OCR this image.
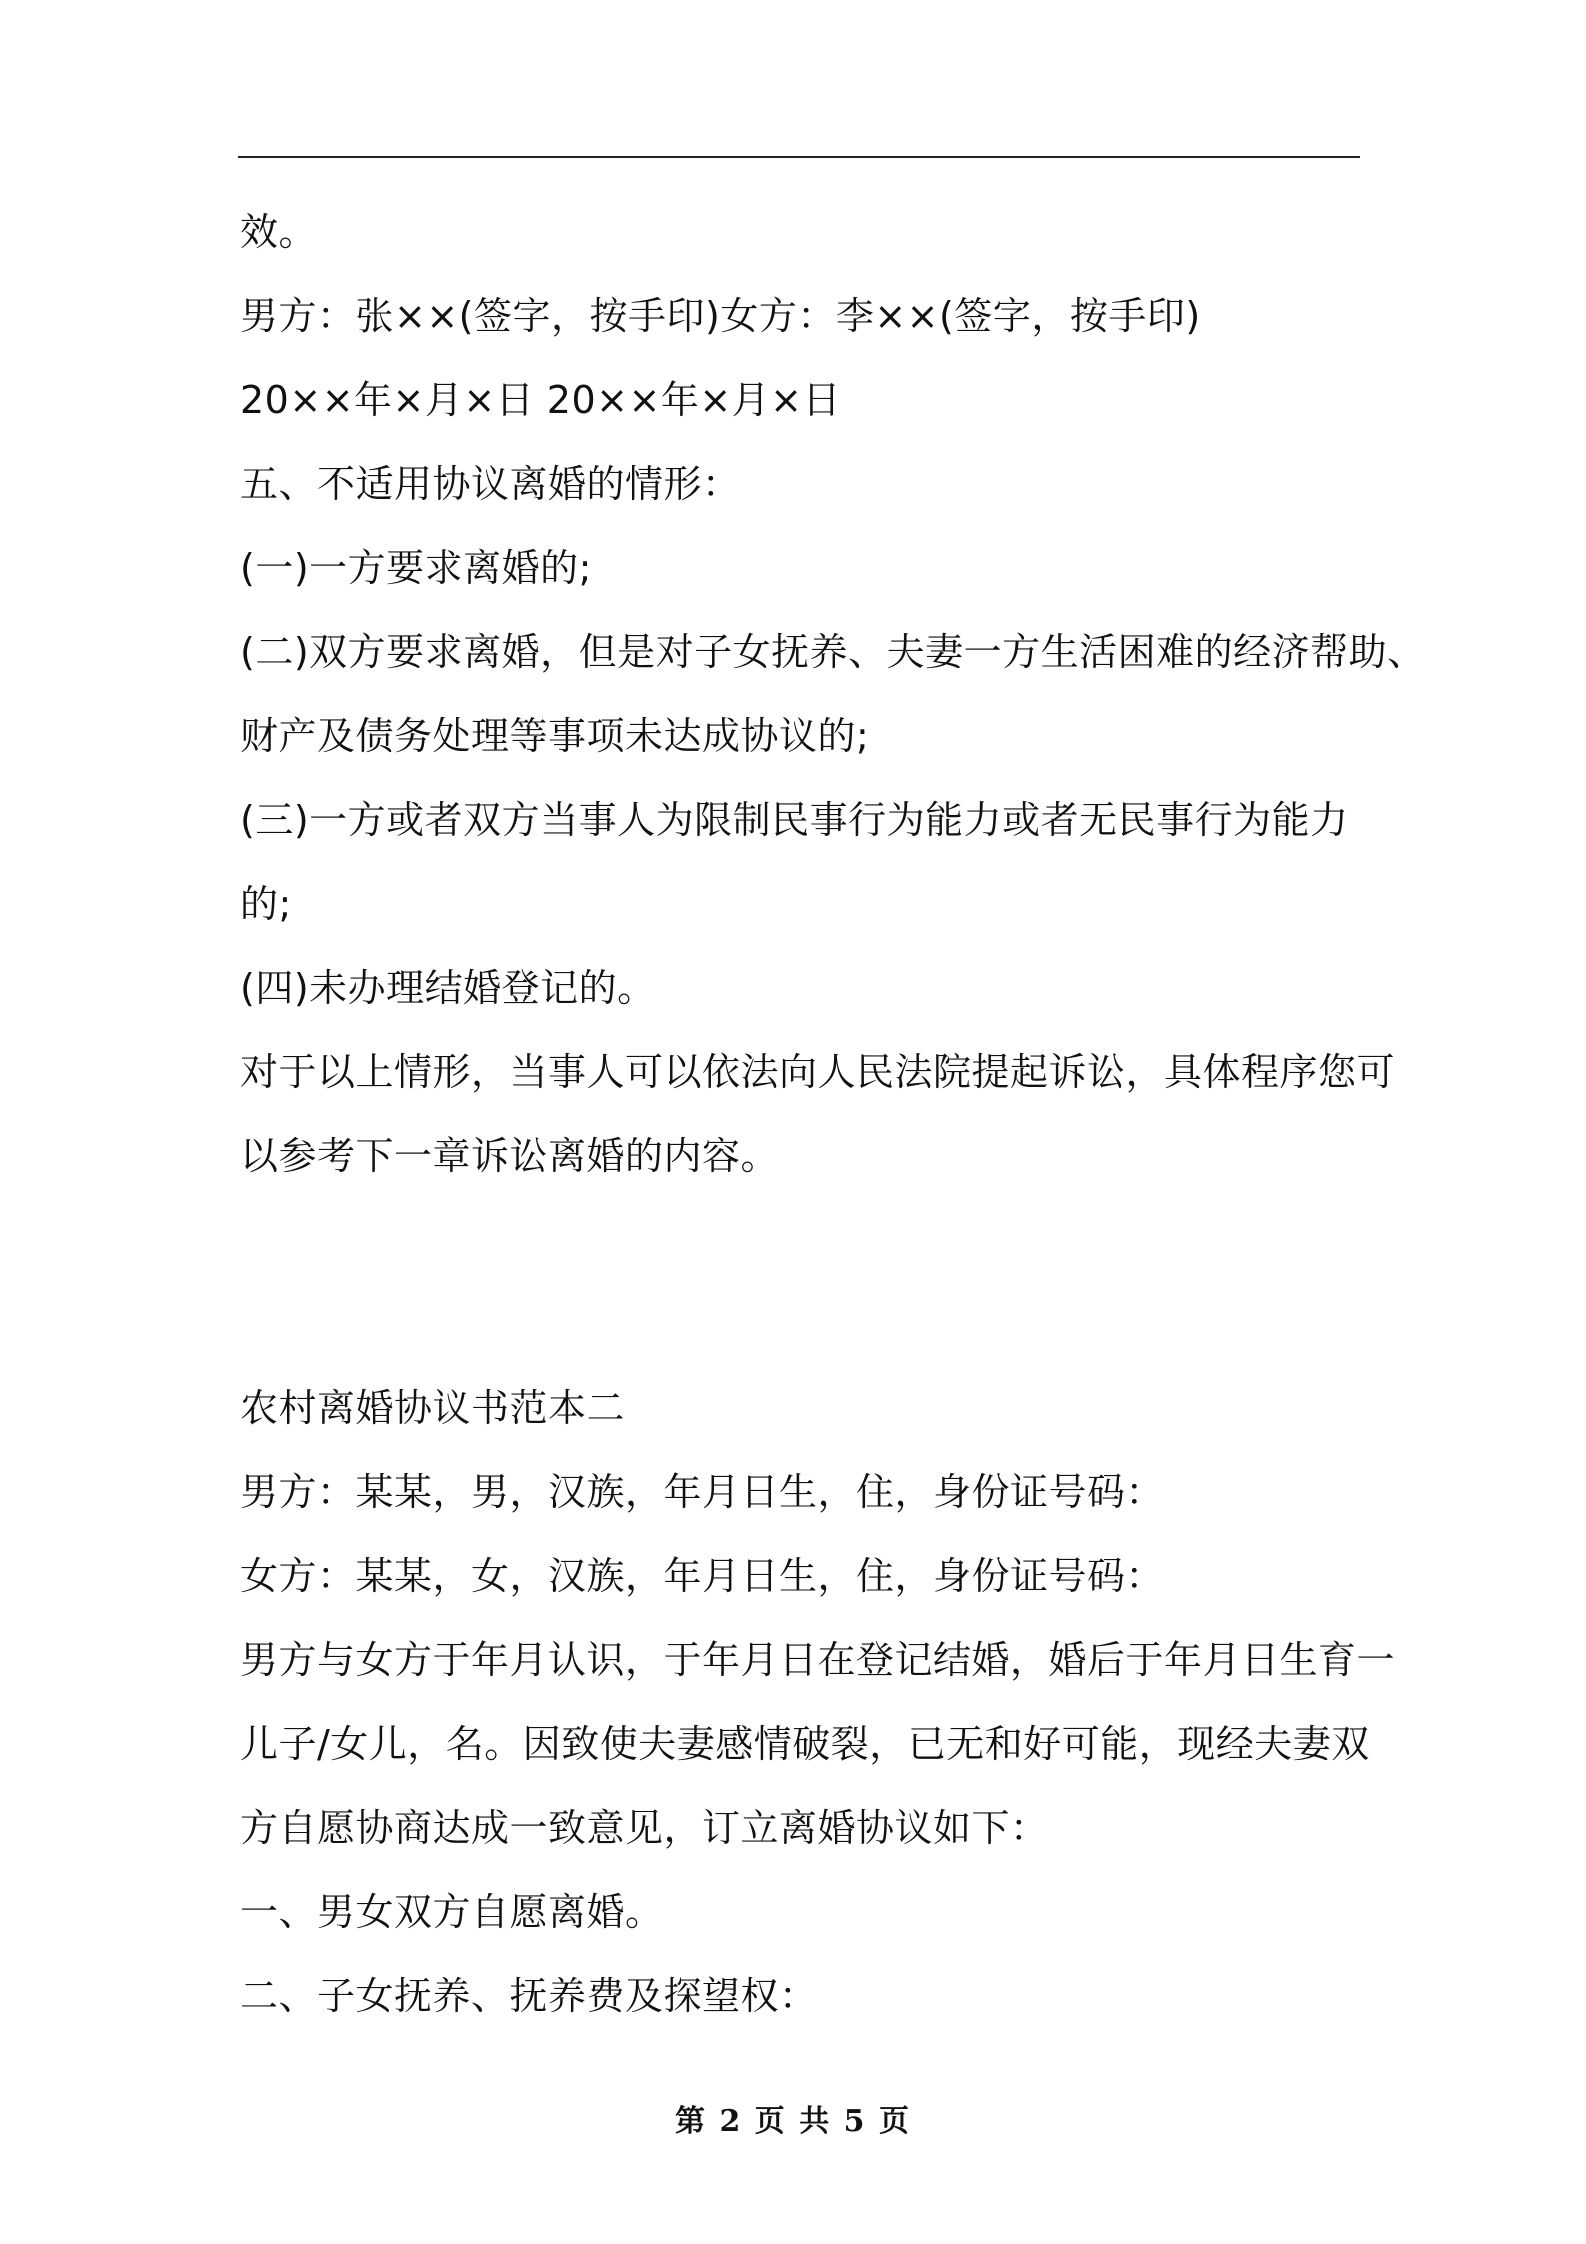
效。
男方：张××(签字，按手印)女方：李××(签字，按手印)
20××年×月×日 20××年×月×日
五、不适用协议离婚的情形：
(一)一方要求离婚的;
(二)双方要求离婚，但是对子女抚养、夫妻一方生活困难的经济帮助、
财产及债务处理等事项未达成协议的;
(三)一方或者双方当事人为限制民事行为能力或者无民事行为能力
的;
(四)未办理结婚登记的。
对于以上情形，当事人可以依法向人民法院提起诉讼，具体程序您可
以参考下一章诉讼离婚的内容。
农村离婚协议书范本二
男方：某某，男，汉族，年月日生，住，身份证号码：
女方：某某，女，汉族，年月日生，住，身份证号码：
男方与女方于年月认识，于年月日在登记结婚，婚后于年月日生育一
儿子/女儿，名。因致使夫妻感情破裂，已无和好可能，现经夫妻双
方自愿协商达成一致意见，订立离婚协议如下：
一、男女双方自愿离婚。
二、子女抚养、抚养费及探望权：
第 2 页 共 5 页
